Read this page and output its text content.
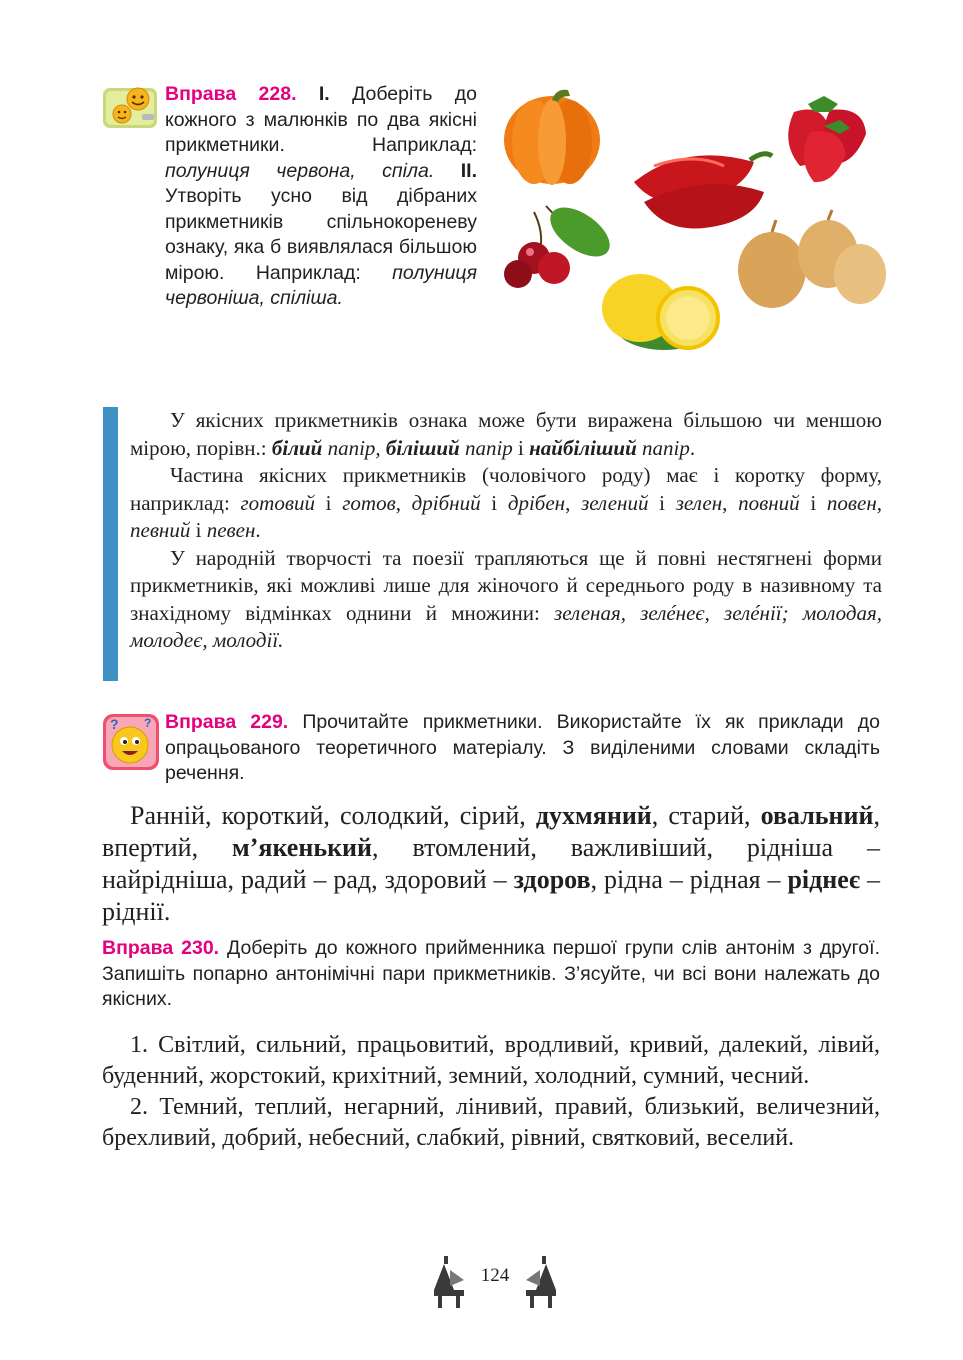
Вправа 228. I. Доберіть до кожного з малюнків по два якісні прикметники. Наприклад: полуниця червона, спіла. II. Утворіть усно від дібраних прикметників спільнокореневу ознаку, яка б виявлялася більшою мірою. Наприклад: полуниця червоніша, спіліша.

У якісних прикметників ознака може бути виражена більшою чи меншою мірою, порівн.: білий папір, біліший папір і найбіліший папір.

Частина якісних прикметників (чоловічого роду) має і коротку форму, наприклад: готовий і готов, дрібний і дрібен, зелений і зелен, повний і повен, певний і певен.

У народній творчості та поезії трапляються ще й повні нестягнені форми прикметників, які можливі лише для жіночого й середнього роду в називному та знахідному відмінках однини й множини: зеленая, зелéнеє, зелéнії; молодая, молодеє, молодії.

? ? Вправа 229. Прочитайте прикметники. Використайте їх як приклади до опрацьованого теоретичного матеріалу. З виділеними словами складіть речення.
Ранній, короткий, солодкий, сірий, духмяний, старий, овальний, впертий, м’якенький, втомлений, важливіший, рідніша – найрідніша, радий – рад, здоровий – здоров, рідна – рідная – ріднеє – ріднії.
Вправа 230. Доберіть до кожного прийменника першої групи слів антонім з другої. Запишіть попарно антонімічні пари прикметників. З’ясуйте, чи всі вони належать до якісних.

1. Світлий, сильний, працьовитий, вродливий, кривий, далекий, лівий, буденний, жорстокий, крихітний, земний, холодний, сумний, чесний.

2. Темний, теплий, негарний, лінивий, правий, близький, величезний, брехливий, добрий, небесний, слабкий, рівний, святковий, веселий.

124
